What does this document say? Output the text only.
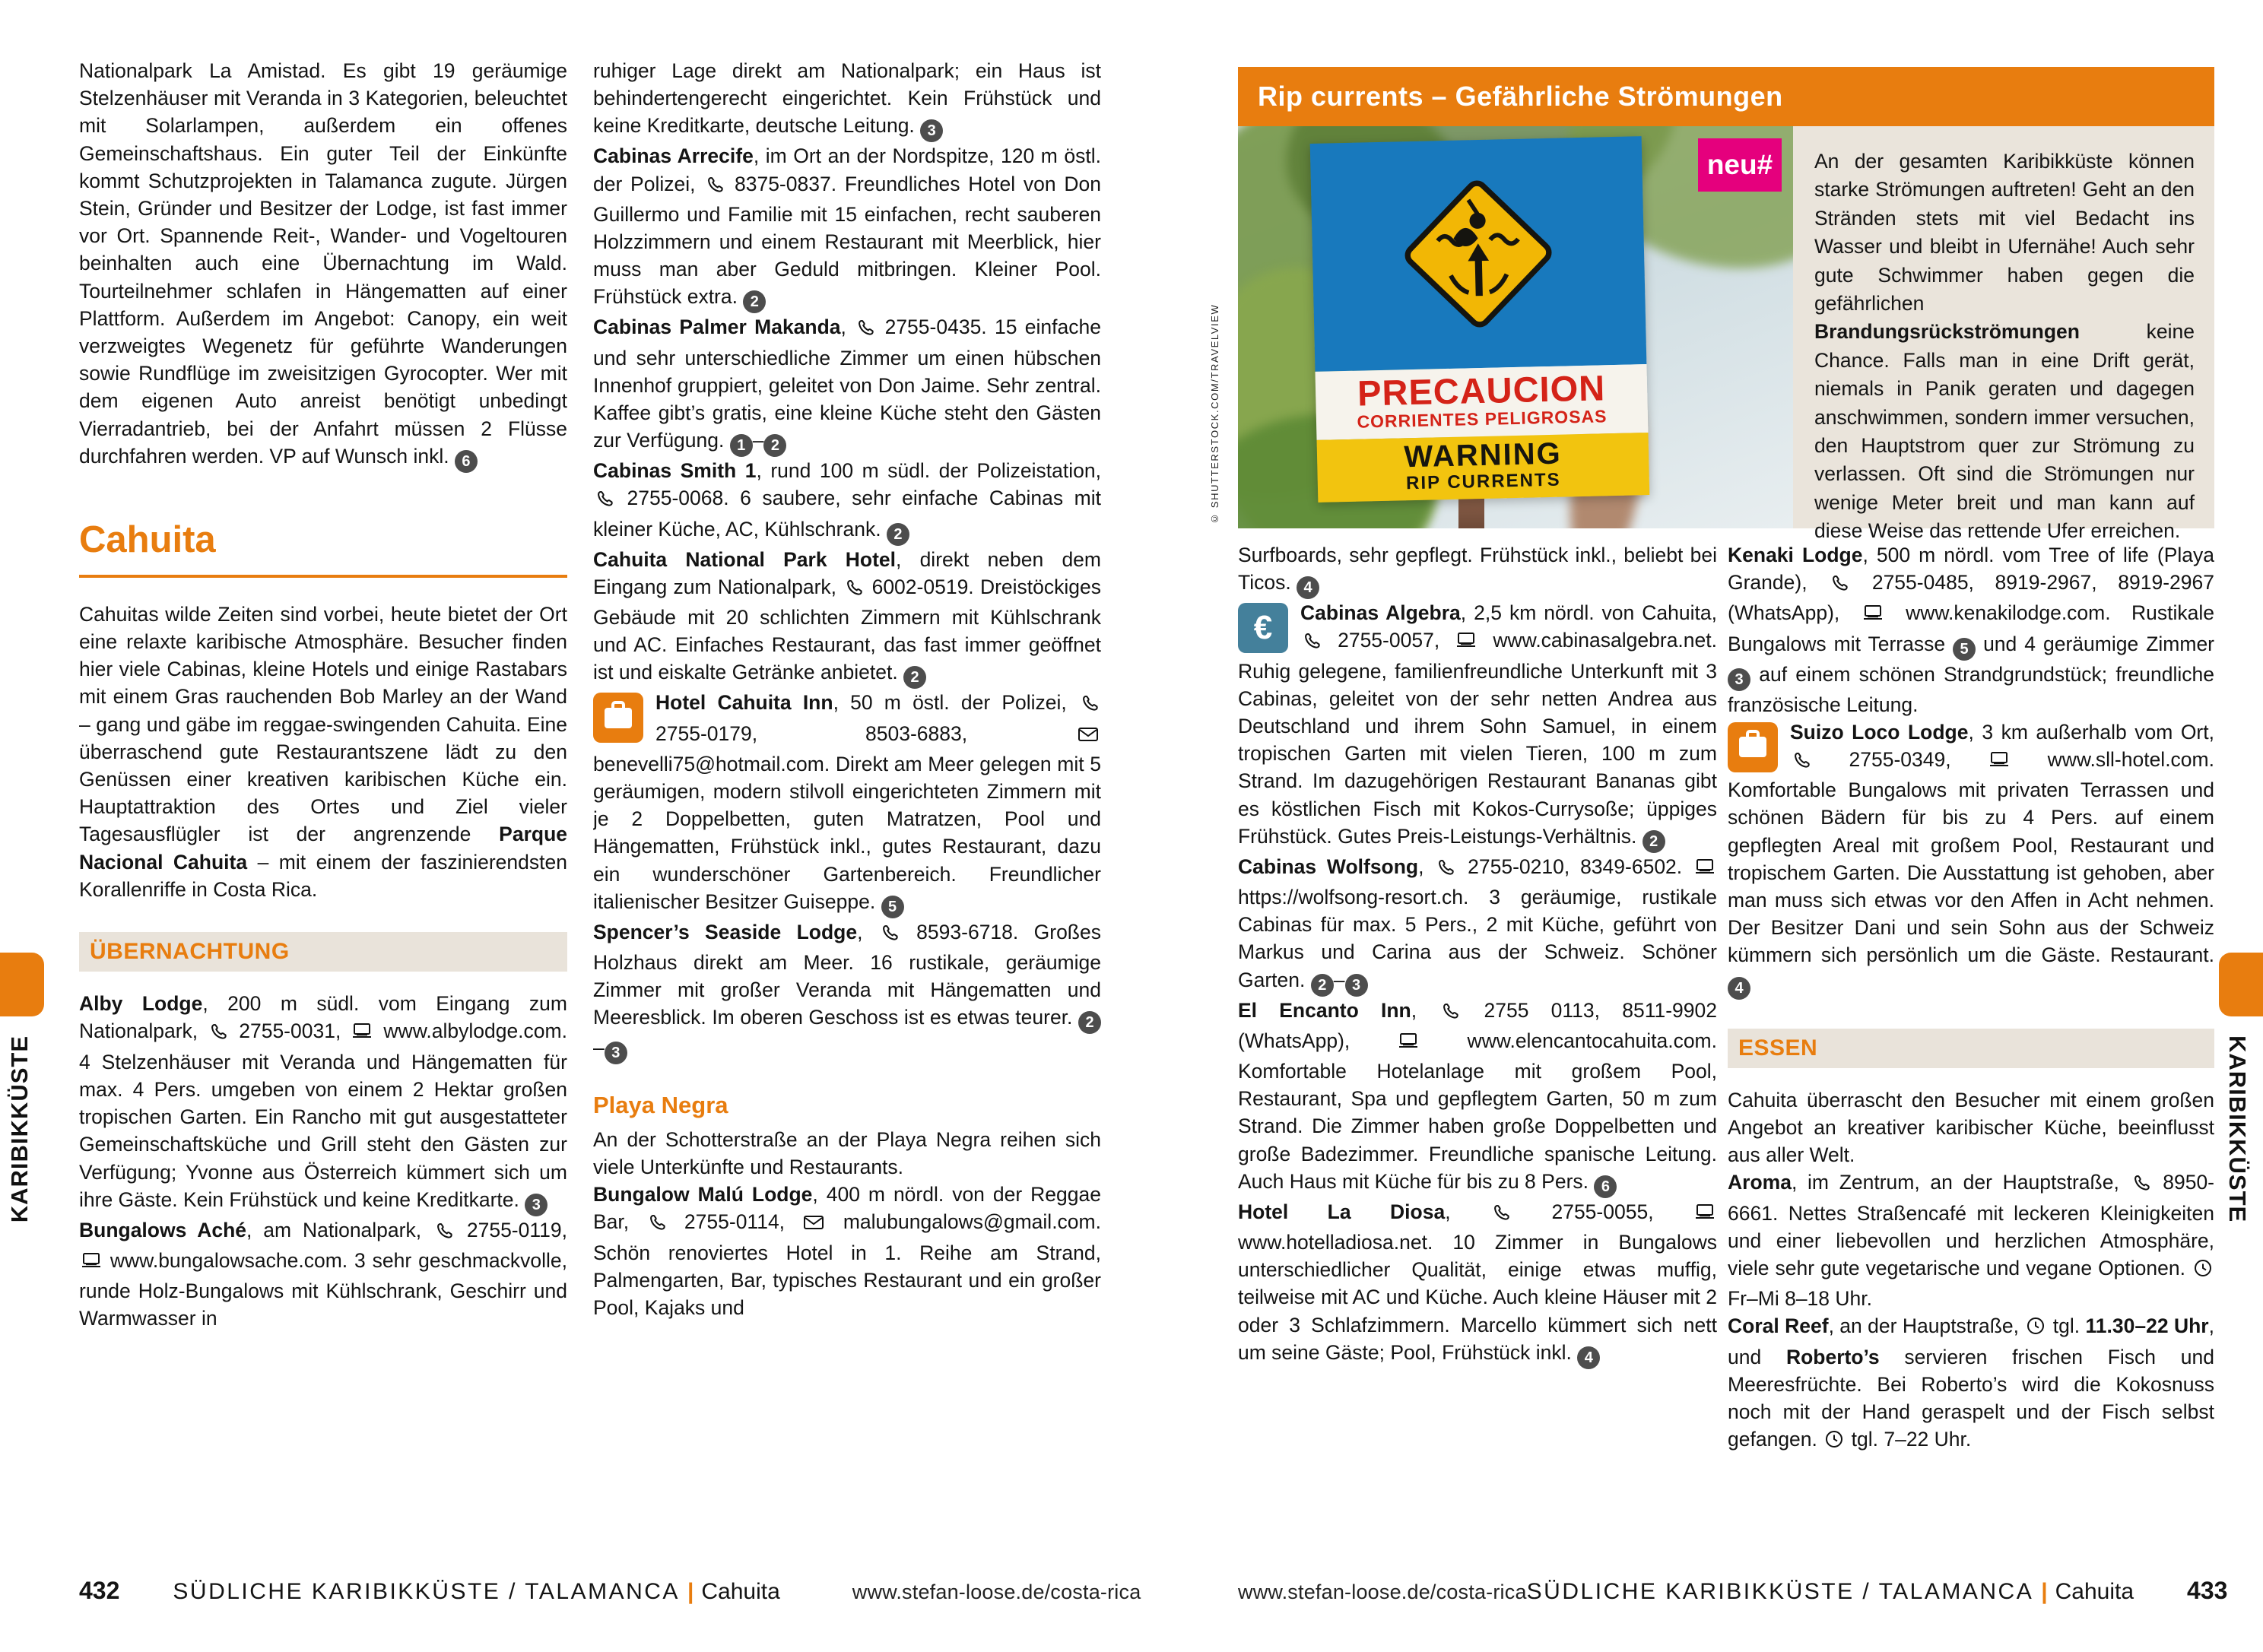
Nationalpark La Amistad. Es gibt 19 geräumige Stelzenhäuser mit Veranda in 3 Kategorien, beleuchtet mit Solarlampen, außerdem ein offenes Gemeinschaftshaus. Ein guter Teil der Einkünfte kommt Schutzprojekten in Talamanca zugute. Jürgen Stein, Gründer und Besitzer der Lodge, ist fast immer vor Ort. Spannende Reit-, Wander- und Vogeltouren beinhalten auch eine Übernachtung im Wald. Tourteilnehmer schlafen in Hängematten auf einer Plattform. Außerdem im Angebot: Canopy, ein weit verzweigtes Wegenetz für geführte Wanderungen sowie Rundflüge im zweisitzigen Gyrocopter. Wer mit dem eigenen Auto anreist benötigt unbedingt Vierradantrieb, bei der Anfahrt müssen 2 Flüsse durchfahren werden. VP auf Wunsch inkl. 6

Cahuita

Cahuitas wilde Zeiten sind vorbei, heute bietet der Ort eine relaxte karibische Atmosphäre. Besucher finden hier viele Cabinas, kleine Hotels und einige Rastabars mit einem Gras rauchenden Bob Marley an der Wand – gang und gäbe im reggae-swingenden Cahuita. Eine überraschend gute Restaurantszene lädt zu den Genüssen einer kreativen karibischen Küche ein. Hauptattraktion des Ortes und Ziel vieler Tagesausflügler ist der angrenzende Parque Nacional Cahuita – mit einem der faszinierendsten Korallenriffe in Costa Rica.

ÜBERNACHTUNG

Alby Lodge, 200 m südl. vom Eingang zum Nationalpark,  2755-0031,  www.albylodge.com. 4 Stelzenhäuser mit Veranda und Hängematten für max. 4 Pers. umgeben von einem 2 Hektar großen tropischen Garten. Ein Rancho mit gut ausgestatteter Gemeinschaftsküche und Grill steht den Gästen zur Verfügung; Yvonne aus Österreich kümmert sich um ihre Gäste. Kein Frühstück und keine Kreditkarte. 3

Bungalows Aché, am Nationalpark,  2755-0119,  www.bungalowsache.com. 3 sehr geschmackvolle, runde Holz-Bungalows mit Kühlschrank, Geschirr und Warmwasser in

ruhiger Lage direkt am Nationalpark; ein Haus ist behindertengerecht eingerichtet. Kein Frühstück und keine Kreditkarte, deutsche Leitung. 3

Cabinas Arrecife, im Ort an der Nordspitze, 120 m östl. der Polizei,  8375-0837. Freundliches Hotel von Don Guillermo und Familie mit 15 einfachen, recht sauberen Holzzimmern und einem Restaurant mit Meerblick, hier muss man aber Geduld mitbringen. Kleiner Pool. Frühstück extra. 2

Cabinas Palmer Makanda,  2755-0435. 15 einfache und sehr unterschiedliche Zimmer um einen hübschen Innenhof gruppiert, geleitet von Don Jaime. Sehr zentral. Kaffee gibt’s gratis, eine kleine Küche steht den Gästen zur Verfügung. 1 – 2

Cabinas Smith 1, rund 100 m südl. der Polizeistation,  2755-0068. 6 saubere, sehr einfache Cabinas mit kleiner Küche, AC, Kühlschrank. 2

Cahuita National Park Hotel, direkt neben dem Eingang zum Nationalpark,  6002-0519. Dreistöckiges Gebäude mit 20 schlichten Zimmern mit Kühlschrank und AC. Einfaches Restaurant, das fast immer geöffnet ist und eiskalte Getränke anbietet. 2

Hotel Cahuita Inn, 50 m östl. der Polizei,  2755-0179, 8503-6883,  benevelli75@hotmail.com. Direkt am Meer gelegen mit 5 geräumigen, modern stilvoll eingerichteten Zimmern mit je 2 Doppelbetten, guten Matratzen, Pool und Hängematten, Frühstück inkl., gutes Restaurant, dazu ein wunderschöner Gartenbereich. Freundlicher italienischer Besitzer Guiseppe. 5

Spencer’s Seaside Lodge,  8593-6718. Großes Holzhaus direkt am Meer. 16 rustikale, geräumige Zimmer mit großer Veranda mit Hängematten und Meeresblick. Im oberen Geschoss ist es etwas teurer. 2– 3

Playa Negra

An der Schotterstraße an der Playa Negra reihen sich viele Unterkünfte und Restaurants.

Bungalow Malú Lodge, 400 m nördl. von der Reggae Bar,  2755-0114,  malubungalows@gmail.com. Schön renoviertes Hotel in 1. Reihe am Strand, Palmengarten, Bar, typisches Restaurant und ein großer Pool, Kajaks und

Rip currents – Gefährliche Strömungen
PRECAUCION
CORRIENTES PELIGROSAS
WARNING
RIP CURRENTS
neu#
© SHUTTERSTOCK.COM/TRAVELVIEW
An der gesamten Karibikküste können starke Strömungen auftreten! Geht an den Stränden stets mit viel Bedacht ins Wasser und bleibt in Ufernähe! Auch sehr gute Schwimmer haben gegen die gefährlichen Brandungsrückströmungen keine Chance. Falls man in eine Drift gerät, niemals in Panik geraten und dagegen anschwimmen, sondern immer versuchen, den Hauptstrom quer zur Strömung zu verlassen. Oft sind die Strömungen nur wenige Meter breit und man kann auf diese Weise das rettende Ufer erreichen.

Surfboards, sehr gepflegt. Frühstück inkl., beliebt bei Ticos. 4

€	Cabinas Algebra, 2,5 km nördl. von Cahuita,  2755-0057,  www.cabinasalgebra.net. Ruhig gelegene, familienfreundliche Unterkunft mit 3 Cabinas, geleitet von der sehr netten Andrea aus Deutschland und ihrem Sohn Samuel, in einem tropischen Garten mit vielen Tieren, 100 m zum Strand. Im dazugehörigen Restaurant Bananas gibt es köstlichen Fisch mit Kokos-Currysoße; üppiges Frühstück. Gutes Preis-Leistungs-Verhältnis. 2

Cabinas Wolfsong,  2755-0210, 8349-6502.  https://wolfsong-resort.ch. 3 geräumige, rustikale Cabinas für max. 5 Pers., 2 mit Küche, geführt von Markus und Carina aus der Schweiz. Schöner Garten. 2 – 3

El Encanto Inn,  2755 0113, 8511-9902 (WhatsApp),  www.elencantocahuita.com. Komfortable Hotelanlage mit großem Pool, Restaurant, Spa und gepflegtem Garten, 50 m zum Strand. Die Zimmer haben große Doppelbetten und große Badezimmer. Freundliche spanische Leitung. Auch Haus mit Küche für bis zu 8 Pers. 6

Hotel La Diosa,  2755-0055,  www.hotelladiosa.net. 10 Zimmer in Bungalows unterschiedlicher Qualität, einige etwas muffig, teilweise mit AC und Küche. Auch kleine Häuser mit 2 oder 3 Schlafzimmern. Marcello kümmert sich nett um seine Gäste; Pool, Frühstück inkl. 4

Kenaki Lodge, 500 m nördl. vom Tree of life (Playa Grande),  2755-0485, 8919-2967, 8919-2967 (WhatsApp),  www.kenakilodge.com. Rustikale Bungalows mit Terrasse 5 und 4 geräumige Zimmer 3 auf einem schönen Strandgrundstück; freundliche französische Leitung.

Suizo Loco Lodge, 3 km außerhalb vom Ort,  2755-0349,  www.sll-hotel.com. Komfortable Bungalows mit privaten Terrassen und schönen Bädern für bis zu 4 Pers. auf einem gepflegten Areal mit großem Pool, Restaurant und tropischem Garten. Die Ausstattung ist gehoben, aber man muss sich etwas vor den Affen in Acht nehmen. Der Besitzer Dani und sein Sohn aus der Schweiz kümmern sich persönlich um die Gäste. Restaurant. 4

ESSEN

Cahuita überrascht den Besucher mit einem großen Angebot an kreativer karibischer Küche, beeinflusst aus aller Welt.

Aroma, im Zentrum, an der Hauptstraße,  8950-6661. Nettes Straßencafé mit leckeren Kleinigkeiten und einer liebevollen und herzlichen Atmosphäre, viele sehr gute vegetarische und vegane Optionen.  Fr–Mi 8–18 Uhr.

Coral Reef, an der Hauptstraße,  tgl. 11.30–22 Uhr, und Roberto’s servieren frischen Fisch und Meeresfrüchte. Bei Roberto’s wird die Kokosnuss noch mit der Hand geraspelt und der Fisch selbst gefangen.  tgl. 7–22 Uhr.

KARIBIKKÜSTE	KARIBIKKÜSTE
432 SÜDLICHE KARIBIKKÜSTE / TALAMANCA | Cahuita	www.stefan-loose.de/costa-rica	www.stefan-loose.de/costa-rica SÜDLICHE KARIBIKKÜSTE / TALAMANCA | Cahuita 433
